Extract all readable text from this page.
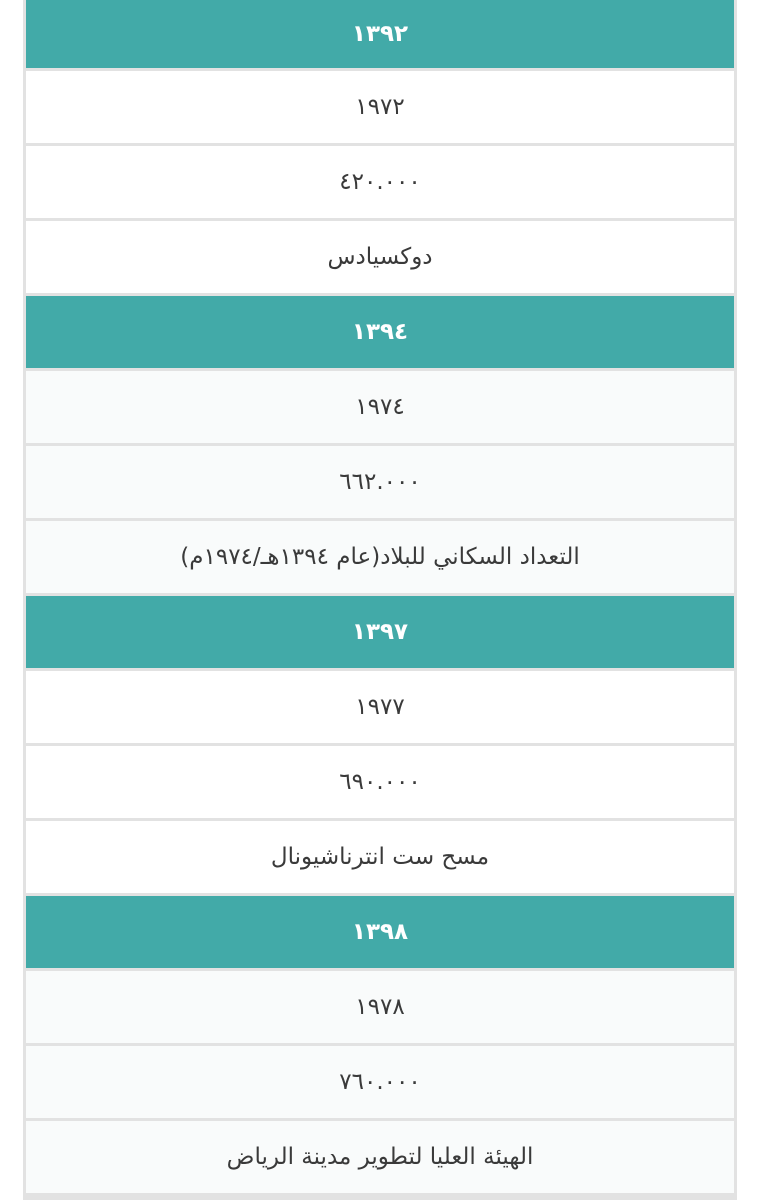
١٣٩٢
١٩٧٢
٤٢٠.٠٠٠
دوكسيادس
١٣٩٤
١٩٧٤
٦٦٢.٠٠٠
التعداد السكاني للبلاد(عام ١٣٩٤هـ/١٩٧٤م)
١٣٩٧
١٩٧٧
٦٩٠.٠٠٠
مسح ست انترناشيونال
١٣٩٨
١٩٧٨
٧٦٠.٠٠٠
الهيئة العليا لتطوير مدينة الرياض
